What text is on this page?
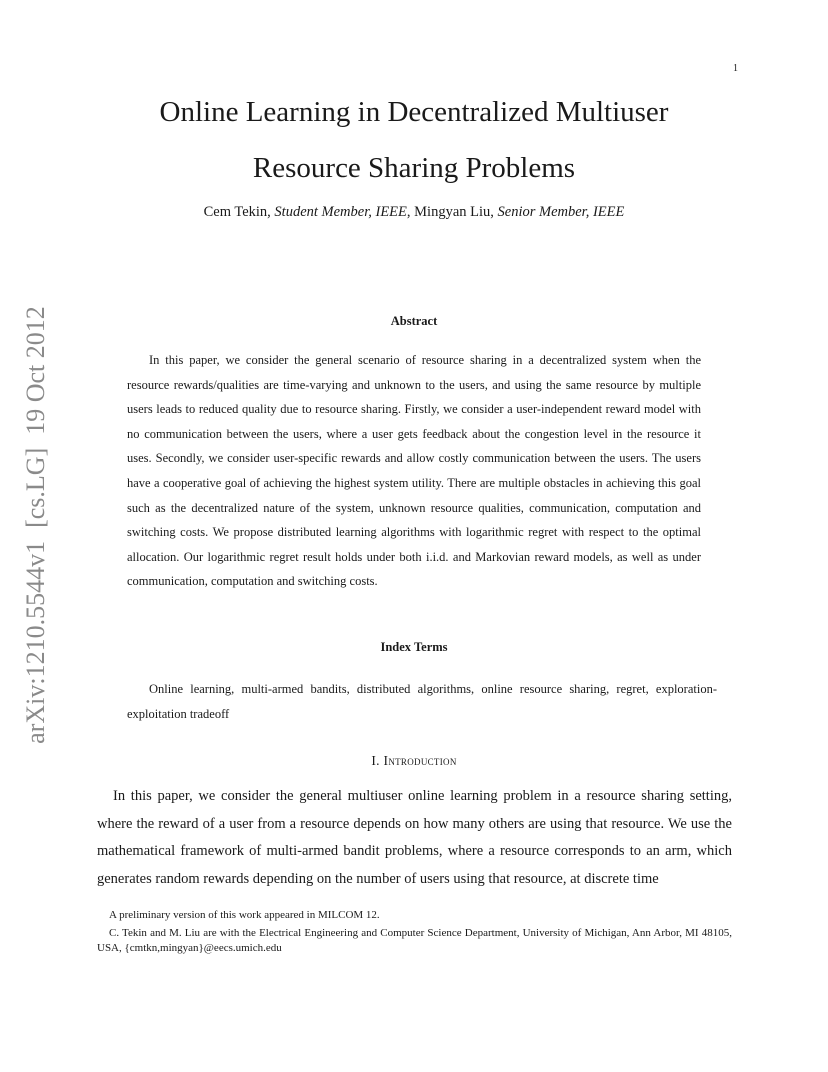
1
arXiv:1210.5544v1  [cs.LG]  19 Oct 2012
Online Learning in Decentralized Multiuser
Resource Sharing Problems
Cem Tekin, Student Member, IEEE, Mingyan Liu, Senior Member, IEEE
Abstract

In this paper, we consider the general scenario of resource sharing in a decentralized system when the resource rewards/qualities are time-varying and unknown to the users, and using the same resource by multiple users leads to reduced quality due to resource sharing. Firstly, we consider a user-independent reward model with no communication between the users, where a user gets feedback about the congestion level in the resource it uses. Secondly, we consider user-specific rewards and allow costly communication between the users. The users have a cooperative goal of achieving the highest system utility. There are multiple obstacles in achieving this goal such as the decentralized nature of the system, unknown resource qualities, communication, computation and switching costs. We propose distributed learning algorithms with logarithmic regret with respect to the optimal allocation. Our logarithmic regret result holds under both i.i.d. and Markovian reward models, as well as under communication, computation and switching costs.

Index Terms

Online learning, multi-armed bandits, distributed algorithms, online resource sharing, regret, exploration-exploitation tradeoff

I. Introduction

In this paper, we consider the general multiuser online learning problem in a resource sharing setting, where the reward of a user from a resource depends on how many others are using that resource. We use the mathematical framework of multi-armed bandit problems, where a resource corresponds to an arm, which generates random rewards depending on the number of users using that resource, at discrete time

A preliminary version of this work appeared in MILCOM 12.

C. Tekin and M. Liu are with the Electrical Engineering and Computer Science Department, University of Michigan, Ann Arbor, MI 48105, USA, {cmtkn,mingyan}@eecs.umich.edu
